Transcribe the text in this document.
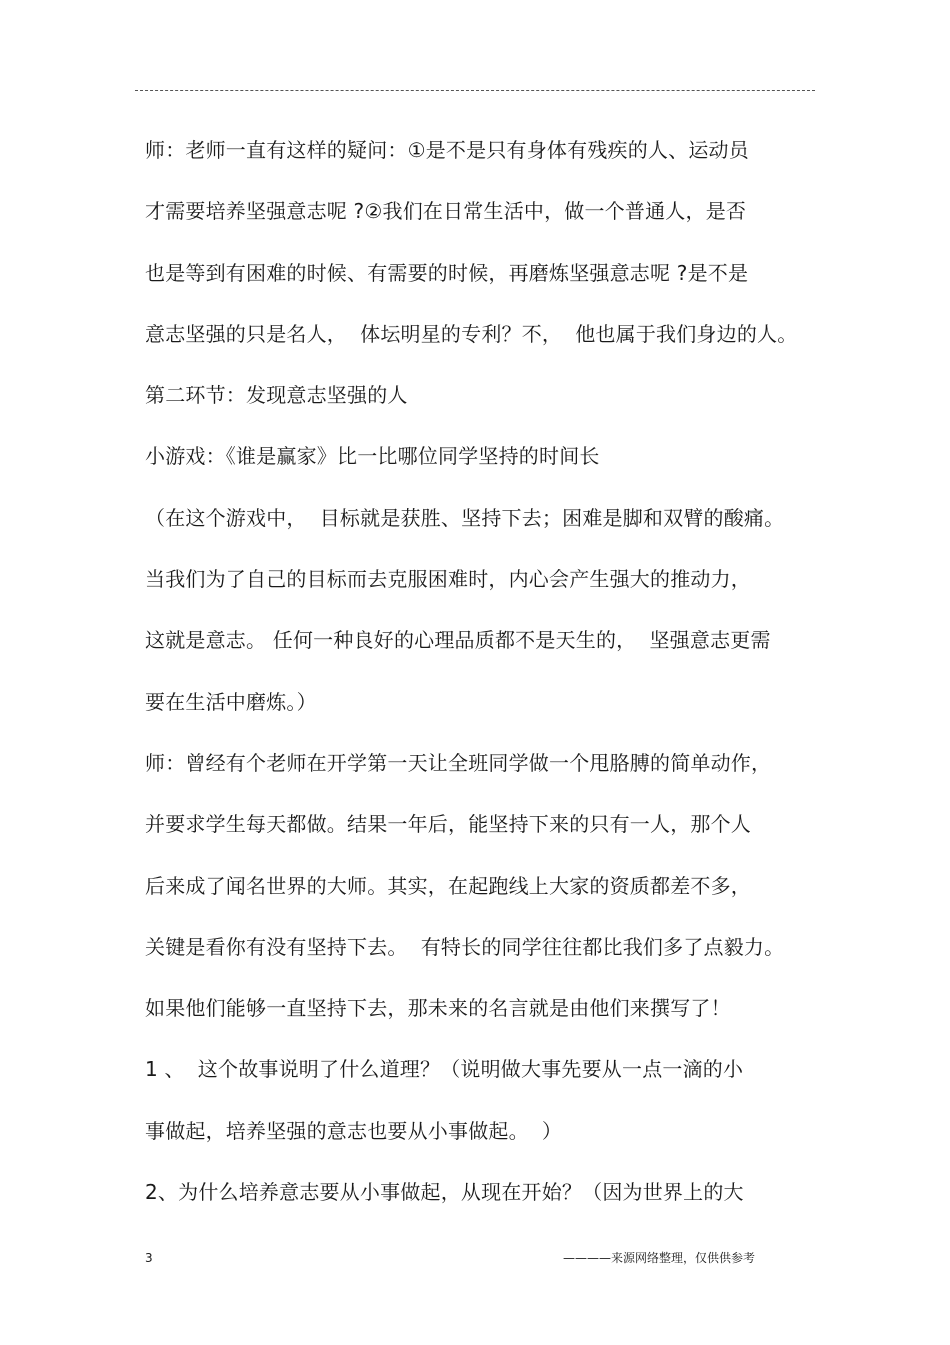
师：老师一直有这样的疑问：①是不是只有身体有残疾的人、运动员
才需要培养坚强意志呢 ?②我们在日常生活中，做一个普通人，是否
也是等到有困难的时候、有需要的时候，再磨炼坚强意志呢 ?是不是
意志坚强的只是名人，  体坛明星的专利？不，  他也属于我们身边的人。
第二环节：发现意志坚强的人
小游戏：《谁是赢家》比一比哪位同学坚持的时间长
（在这个游戏中，  目标就是获胜、坚持下去；困难是脚和双臂的酸痛。
当我们为了自己的目标而去克服困难时，内心会产生强大的推动力，
这就是意志。 任何一种良好的心理品质都不是天生的，  坚强意志更需
要在生活中磨炼。）
师：曾经有个老师在开学第一天让全班同学做一个甩胳膊的简单动作，
并要求学生每天都做。结果一年后，能坚持下来的只有一人，那个人
后来成了闻名世界的大师。其实，在起跑线上大家的资质都差不多，
关键是看你有没有坚持下去。  有特长的同学往往都比我们多了点毅力。
如果他们能够一直坚持下去，那未来的名言就是由他们来撰写了！
1 、  这个故事说明了什么道理？（说明做大事先要从一点一滴的小
事做起，培养坚强的意志也要从小事做起。  ）
2、为什么培养意志要从小事做起，从现在开始？（因为世界上的大
3	————来源网络整理，仅供供参考
